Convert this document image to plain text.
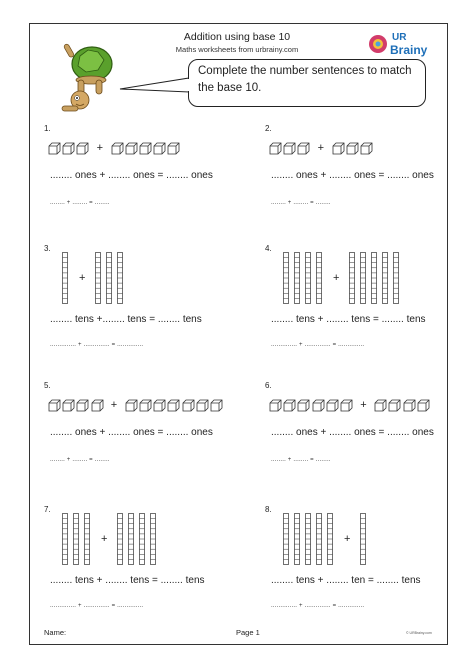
Addition using base 10
Maths worksheets from urbrainy.com
UR
Brainy
Complete the number sentences to match
the base 10.
1.
+
........ ones + ........ ones = ........ ones
........ + ........ = ........
2.
+
........ ones + ........ ones = ........ ones
........ + ........ = ........
3.
+
........ tens +........ tens = ........ tens
.............. + .............. = ..............
4.
+
........ tens + ........ tens = ........ tens
.............. + .............. = ..............
5.
+
........ ones + ........ ones = ........ ones
........ + ........ = ........
6.
+
........ ones + ........ ones = ........ ones
........ + ........ = ........
7.
+
........ tens + ........ tens = ........ tens
.............. + .............. = ..............
8.
+
........ tens + ........ ten = ........ tens
.............. + .............. = ..............
Name:	Page 1	© URBrainy.com
